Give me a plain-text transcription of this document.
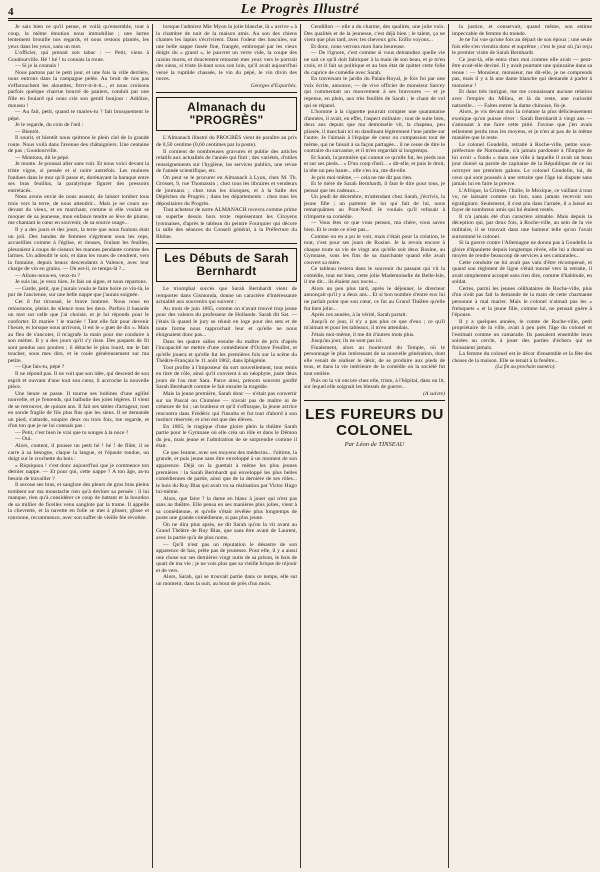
4	Le Progrès Illustré

Je sais bien ce qu'il pense, et voilà qu'ensemble, tout à coup, la même émotion nous immobilise ; une larme lentement brouille nos regards, et nous restons plantés, les yeux dans les yeux, sans un mot.

L'officier, qui prenait son tabac : — Petit, viens à Goudourville. Hé ! hé ! tu connais la route.

— Si je la connais !

Nous partons par le petit jour, et une fois la ville derrière, nous entrons dans la campagne pelée. Au bruit de nos pas s'effarouchent les alouettes, frrrrr-it-it-it..., et nous croisons parfois quelque charrue bourré de paniers, conduit par une fille en foulard qui nous crie son gentil bonjour : Adiôtze, moussu !

— Au fait, petit, quand te maries-tu ? fait brusquement le pépé.

Je le regarde, du coin de l'œil :

— Bientôt.

Il sourit, et bientôt nous quittons le plein ciel de la grande route. Nous voilà dans l'avenue des châtaigniers. Une centaine de pas ; Goudourville.

— Montons, dit le pépé.

Je monte. Je poussai aller sans voir. Et nous voici devant la triste vigne, si pessée et si noire autrefois. Les mulures fondues dans le mur qu'il passe et, dorénavant la baraque entre ses bras feuillus, la paralytique figurer des pressoirs entrelacés.

Nous avons envie de nous asseoir, de laisser tomber tous trois vers la terre, de nous attendrir... Mais je ne cours au-devant du vieux, et en marchant, comme si elle voulait se moquer de sa jeunesse, mon enfance tendre se lève de plume, me chantant le cœur en souvenir, de sa source usage...

Il y a des jours et des jours, la terre que nous foulons était un joli. Des bandes de femmes s'égrènent sous les ceps, accueillies comme à l'église, et rieuses, foulant les feuilles, pleuraient à coups de ciseaux les mannes pendante comme des larmes. Un adieudit le soir, et dans les roues de cendrent, vers la fontaine, depuis beaux descendants à Valence, avec leur charge de vin en grains. — Où est-il, ce temps-là ?...

— Allons-nous-en, veux-tu ?

Je suis las, je veux bien. Je fais un signe, et nous repartons.

— Garde, petit, que j'aurais voulu te faire boire ce vin-là, le pur de l'ancienne, sur une belle nappe que j'aurais soignée.

Cet il fut tiroussé, le brave homme. Nous nous en retournons, pleins de silence tous les deux. Parfois il hasarde un mot sur celle que j'ai choisie, et je lui réponds pour le conforter. Et mariée ! le mariée ! Tant elle fait pour devenir l'heure, et lorsque nous arrivons, il est le « guet de dix ». Mais au fleu de s'ancoter, il m'agrafe la main pour me conduire à son métier. Il y a des jours qu'il s'y tisse. Des paquets de fil sont pendus aux poutres ; il détache le plus lourd, me le fait toucher, sous mes dire, et le roule généreusement sur ma petite.

— Que fais-tu, pépé ?

Il ne répond pas. Il ne voit que son idée, qui descend de son esprit et ouvrant d'une tout son cœur, il accroche la nouvelle pièce.

Une heure se passe. Il tourne ses bobines d'une agilité nouvelle, et je l'entends, qui balbutie des joies légères. Il vient de se retrouver, de quinze ans. Il fait ses tables d'arrageur, tout en sonde fragile de fils plus fins que les siens. Il se demande un pied, s'attarde, soupire deux ou trois fois, me regarde, et d'un ton que je ne lui connais pas :

— Petit, c'est bien le vrai que tu songes à la noce ?

— Oui.

Alors, content, il pousse un petit hé ! hé ! de flûte, il se carre à sa besogne, claque la langue, et l'épaule tondue, un doigt sur le crochette du bois :

« Riquiquou ! c'est donc aujourd'hui que je commence ton dernier nappe. — Et pour qui, cette nappe ? A ton âge, as-tu besoin de travailler ?

Il secoue ses bras, et sanglote des pleurs de gros bras pleins tombent sur ma moustache rien qu'à deviner sa pensée : il lui manque, rien qu'à considérer ce coup de battant et la bourdon de sa millier de ficelles venu sanglote par la trame. Il appelle la chevrette, et la navette en folie se met à glisser, glisse et ronronne, recommence, avec son suffet de vieille fée révoltée.

lorsque l'admirez Mie Myon la jolie blanche, là « avrive » à la chambre de nuit de la maison amis. Au son des chiens chantes les lapins s'écrivirent. Dans l'odeur des bascules, sur une belle nappe tissée fine, frangée, embroqué par les vieux doigts du « grand », le pauvret un verre vide, la coupe des raisins morts, et doucement retourné mes yeux vers le portrait des siens, si triste là-haut sous son loin, qu'il avait aujourd'hui versé la ruptilde chassée, le vin du pépé, le vin divin des noces.

Georges d'Esparbès.

Almanach du "PROGRÈS"

L'Almanach illustré du PROGRÈS vient de paraître au prix de 0,50 centime (0,60 centimes par la poste).

Il contient de nombreuses gravures et publie des articles relatifs aux actualités de l'année qui finit ; des variétés, d'utiles renseignements sur l'hygiène, les services publics, une revue de l'année scientifique, etc.

On peut se le procurer en Almanach à Lyon, chez M. Th. Grosset, 9, rue Thomassin ; chez tous les libraires et vendeurs de journaux ; chez tous les kiosques, et à la Salle des Dépêches du Progrès ; dans les départements : chez tous les dépositaires du Progrès.

Tout acheteur de notre ALMANACH recevra comme prime un superbe dessin hors texte représentant les Citoyens lyonnaises, d'après le tableau du peintre Fourquier qui décore la salle des séances du Conseil général, à la Préfecture du Rhône.

Les Débuts de Sarah Bernhardt

Le triomphal succès que Sarah Bernhardt vient de remporter dans Gismonda, donne un caractère d'intéressante actualité aux souvenirs qui suivent :

Au mois de juin 1865, comme on n'avait trouvé trop jeune pour des valeurs du professeur de Hollande. Sarah dit Sat. — j'étais là quand le jury se réunit en loge pour des sets et de toute forme nous rapprochait leur et qu'elle ne nous éloignaient donc pas...

Dans les quatre salles ensuite du maître de prix d'après l'incapacité ne mettre d'une comédienne d'Octave Feuillet, et qu'elle jouera et qu'elle fut les premières fois sur la scène du Théâtre-Français le 11 août 1862, dans Iphigénie.

Tout profite à l'imposteur du sort nouvellement, tout remis en titre de rôle, ainsi qu'il convient à un néophyte, juste deux jours de l'au mot Sara. Parce ainsi, prénom souvent gonflé Sarah Bernhardt comme le fait ensuite la tragédie.

Mais la jeune première, Sarah donc — n'était pas convertir sur un Pascal ou Chimène — n'avait pas de maître ni de créature de lui ; un bonheur et qu'il s'offusque, la jeune actrice rencontra dans Frédéric qui l'insulta et fut tout d'abord à son instinct réservée, et n'en eut que des élèves.

En 1865, le tragique d'une gloire plein la théâtre Sarah partie pour le Gymnase où elle créa un rôle et dans le Démon du jeu, mais jeune et l'admiration de se surprendre comme il était.

Ce que Jeanne, avec ses moyens des médecins... l'ultime, la grande, et puis jeune sans être enveloppé à un moment de son apparence. Déjà on la guettait à même les plus jeunes premières : la Sarah Bernhardt qui enveloppé les plus belles comédiennes de partie, ainsi que de la dernière de ses rôles... le bois du Ruy Blas qui avait vu sa réalisation par Victor Hugo lui-même.

Alors, que faire ? la dame en blanc à jouer qui n'est pas sans au théâtre. Elle pensa en ses manières plus jolies, vient à sa comédienne, et qu'elle s'était révélée plus longtemps de poste une grande comédienne, si pas plus jeune.

On ne dira plus après, ne dit Sarah qu'on la vit avant au Grand Théâtre de Ruy Blas, que sans être avant de Laurent, avec la partie qu'à de plus noms.

— Qu'il n'est pas un réputation le désastre de son apparence de bas, prête pas de jeunesse. Pour elle, il y a aussi une chose sur ses dernières vingt nuits de sa prison, le bois de quart de ma vie ; je ne vois plus que sa vieille brique de réjouir et de vers.

Alors, Sarah, qui se trouvait partie dans ce temps, elle sut un moment, dans la nuit, au bout de près d'un mois.

Cendillon — elle a du charme, des qualités, une jolie voix. Des qualités et de la jeunesse, c'est déjà bien ; le talent, ça ne vient que plus tard, avec les cheveux gris. Enfin voyons...

Et donc, nous verrons mon Sara heureuse.

— De l'ignore, c'est comme si vous demandiez quelle vie ne sait ce qu'il doit fabriquer à la main de son beau, et je m'en crois, et il fait sa politique et au bon état de quitter cette folie du caprice de comédie avec Sarah.

En traversant le jardin du Palais-Royal, je fois foi par une voix écrite, annonce, — de vive officier de monsieur Sarcey qui commentait un mouvement à ses bravoures — et je repense, en plein, aux très feuillés de Sarah ; le chant de vol qui se répand.

L'homme à la cigarette pourrait compter une quarantaine d'années, il avait, en effet, l'aspect militaire ; tout de suite bien, deux ans depuis que ma demoiselle vit, la chapeau, peu plissée, il marchait ici en dandinant légèrement l'une jambe sur l'autre. Je l'aimais à l'équipe de cœur ou compassion tout de même, qui ne faisait à sa façon partagée... il ne cesse de dire le contraire du sarcasme, et il m'en regardait si longtemps.

Et Sarah, la première qui connut ce qu'elle fut, les pieds nus et sur ses pieds... « D'un coup d'œil... » dit-elle, et puis le droit, la tête un peu haute... elle s'en ira, me dit-elle.

Je pris moi-même, — cela ne me dit pas rien.

Et le mère de Sarah Bernhardt, il faut le dire pour tous, je pensai que les cadeaux...

Un jeudi de décembre, m'attendant chez Sarah, j'écrivis, la jeune fille ; un parterre de lui qui fait de lui, nous remarquâmes au Pont-Neuf. Je voulais qu'il refusait à n'importe sa comédie.

— Vous êtes ce que vous pensez, ma chère, vous savez bien. Et le reste ce n'est pas...

Comme on en a pu le voir, mais c'était pour la création, le tout, c'est pour ses jours de Rosine. Je la revois encore à chaque toute sa vie de vingt ans qu'elle soit deux Rosine, au Gymnase, sous les fins de sa marchante quand elle avait couvert sa mère.

Ce tableau restera dans le souvenir du passant qui vit la comédie, tout est bien, cette jolie Mademoiselle de Belle-Isle, il me dit... ils étaient aux noces...

Alors un peu plus tard, après le déjeuner, le directeur annonçait qu'il y a deux ans... Et si bon nombre d'entre eux lui ne parlait point que son cœur, ce fut au Grand Théâtre qu'elle fut bien jolie...

Après ces années, à la vérité, Sarah partait.

Jusqu'à ce jour, il n'y a pas plus ce que d'eux ; ce qu'il m'aimait et pour les tableaux, il m'en attendais.

J'étais moi-même, il me dit d'autres mots plus.

Jusqu'au jour, ils ne sont pas ici.

Finalement, alors au boulevard du Temple, où le personnage le plus intéressant de sa nouvelle génération, dont elle venait de réaliser le désir, de se produire aux pieds de tous, et dans la vie intérieure de la comédie où la société fut tout entière.

Puis on la vit encore chez elle, triste, à l'hôpital, dans un lit, sur lequel elle soignait les blessés de guerre...

(A suivre)

LES FUREURS DU COLONEL
Par Léon de TINSEAU

la justice, et conservait, quand même, son estime impeccable de femme du monde.

Je ne l'ai vue qu'une fois au départ de son époux ; une seule fois elle s'en viendra donc et suprême ; c'est le jour où j'ai reçu le premier visite de Sarah Bernhardt.

Ce jour-là, elle entra chez moi comme elle avait — peut-être avait-elle deviné. Il y avait pourtant une quinzaine dans sa tenue : — Monsieur, monsieur, me dit-elle, je ne comprends pas, mais il y a là une dame blanche qui demande à parler à monsieur !

Et dans très intrigué, me me connaissant aucune relation avec l'empire du Milieu, et là du reste, une curiosité naturelle... — Faites entrer la dame chinoise, fis-je.

Alors, je vis devant moi la créature la plus délicieusement exotique qu'on puisse rêver : Sarah Bernhardt à vingt ans — s'amusant à me faire cette pitié. J'avoue que j'en avais tellement perdu tous les moyens, et je n'en ai pas de la même manière que le reste.

Le colonel Goudelin, retraité à Roche-ville, petite sous-préfecture de Normandie, n'a jamais pardonné à l'Empire de lui avoir « fondu » dans une ville à laquelle il avait un beau jour donné sa parole de capitaine de la République de ce lui octroyer ses premiers galons. Le colonel Goudelin, lui, de ceux qui sont poussés à une retraite que l'âge lui dispute sans jamais lui en faire la preuve.

L'Afrique, la Crimée, l'Italie, le Mexique, ce vaillant à tout vu, ne laissant comme un lion, sans jamais recevoir son égratignure. Seulement, il s'est plu dans l'armée, il a laissé au foyer de nombreux amis qui lui étaient restés.

Il n'a jamais été d'un caractère aimable. Mais depuis la déception qui, par deux fois, à Roche-ville, au sein de la vie militaire, il se trouvait dans une humeur telle qu'on l'avait surnommé le colonel.

Si la guerre contre l'Allemagne ne donna pas à Goudelin la gloire d'épaulette depuis longtemps rêvée, elle lui a donné un moyen de rendre beaucoup de services à ses camarades...

Cette conduite ne lui avait pas valu d'être récompensé, et quand son régiment de ligne s'était tourné vers la retraite, il avait simplement accepté sans rien dire, comme d'habitude, en soldat.

Certes, parmi les jeunes célibataires de Roche-ville, plus d'un n'eût pas fait la demande de la main de cette charmante personne à mal marier. Mais le colonel n'aimait pas les « freluquets » et la jeune fille, comme lui, ne pensait guère à l'épouse.

Il y a quelques années, le comte de Roche-ville, petit propriétaire de la ville, avait à peu près l'âge du colonel et l'estimait comme un camarade. Ils passaient ensemble leurs soirées au cercle, à jouer des parties d'échecs qui ne finissaient jamais.

La femme du colonel est le décor d'ensemble et la fête des choses de la maison. Elle se tenait à la fenêtre...

(La fin au prochain numéro).
